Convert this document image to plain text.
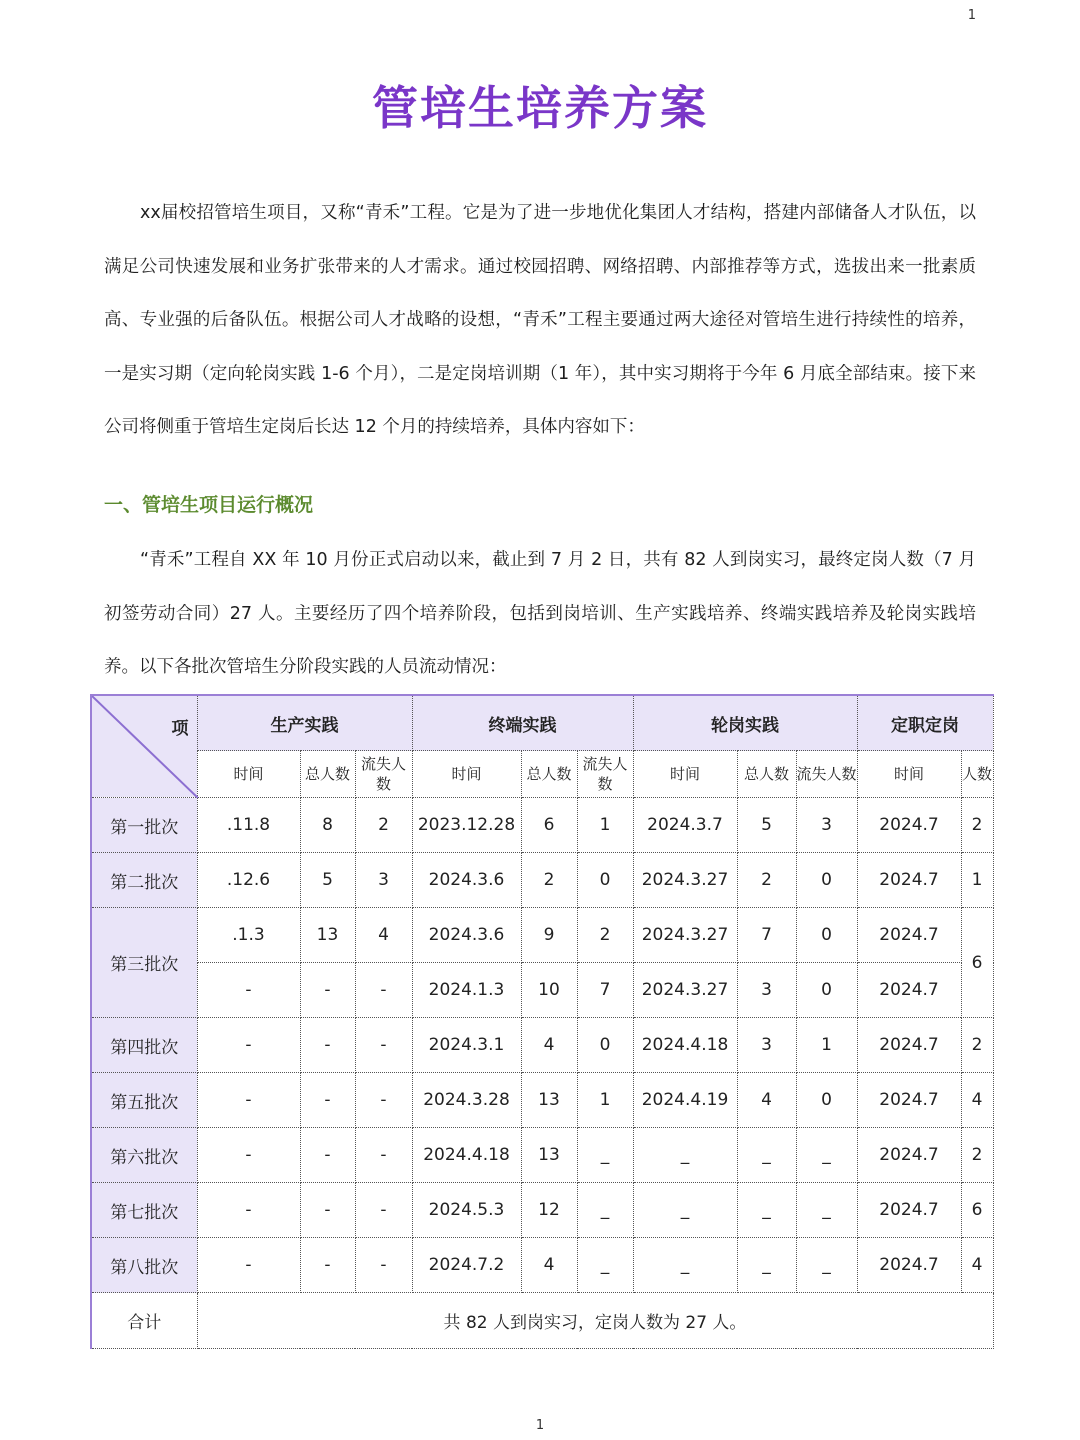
1
管培生培养方案

xx届校招管培生项目，又称“青禾”工程。它是为了进一步地优化集团人才结构，搭建内部储备人才队伍，以满足公司快速发展和业务扩张带来的人才需求。通过校园招聘、网络招聘、内部推荐等方式，选拔出来一批素质高、专业强的后备队伍。根据公司人才战略的设想，“青禾”工程主要通过两大途径对管培生进行持续性的培养，一是实习期（定向轮岗实践 1-6 个月），二是定岗培训期（1 年），其中实习期将于今年 6 月底全部结束。接下来公司将侧重于管培生定岗后长达 12 个月的持续培养，具体内容如下：

一、管培生项目运行概况

“青禾”工程自 XX 年 10 月份正式启动以来，截止到 7 月 2 日，共有 82 人到岗实习，最终定岗人数（7 月初签劳动合同）27 人。主要经历了四个培养阶段，包括到岗培训、生产实践培养、终端实践培养及轮岗实践培养。以下各批次管培生分阶段实践的人员流动情况：

项	生产实践			终端实践			轮岗实践			定职定岗	
	时间	总人数	流失人数	时间	总人数	流失人数	时间	总人数	流失人数	时间	人数
第一批次	.11.8	8	2	2023.12.28	6	1	2024.3.7	5	3	2024.7	2
第二批次	.12.6	5	3	2024.3.6	2	0	2024.3.27	2	0	2024.7	1
第三批次	.1.3	13	4	2024.3.6	9	2	2024.3.27	7	0	2024.7	6
	-	-	-	2024.1.3	10	7	2024.3.27	3	0	2024.7	
第四批次	-	-	-	2024.3.1	4	0	2024.4.18	3	1	2024.7	2
第五批次	-	-	-	2024.3.28	13	1	2024.4.19	4	0	2024.7	4
第六批次	-	-	-	2024.4.18	13	_	_	_	_	2024.7	2
第七批次	-	-	-	2024.5.3	12	_	_	_	_	2024.7	6
第八批次	-	-	-	2024.7.2	4	_	_	_	_	2024.7	4
合计	共 82 人到岗实习，定岗人数为 27 人。										
1
